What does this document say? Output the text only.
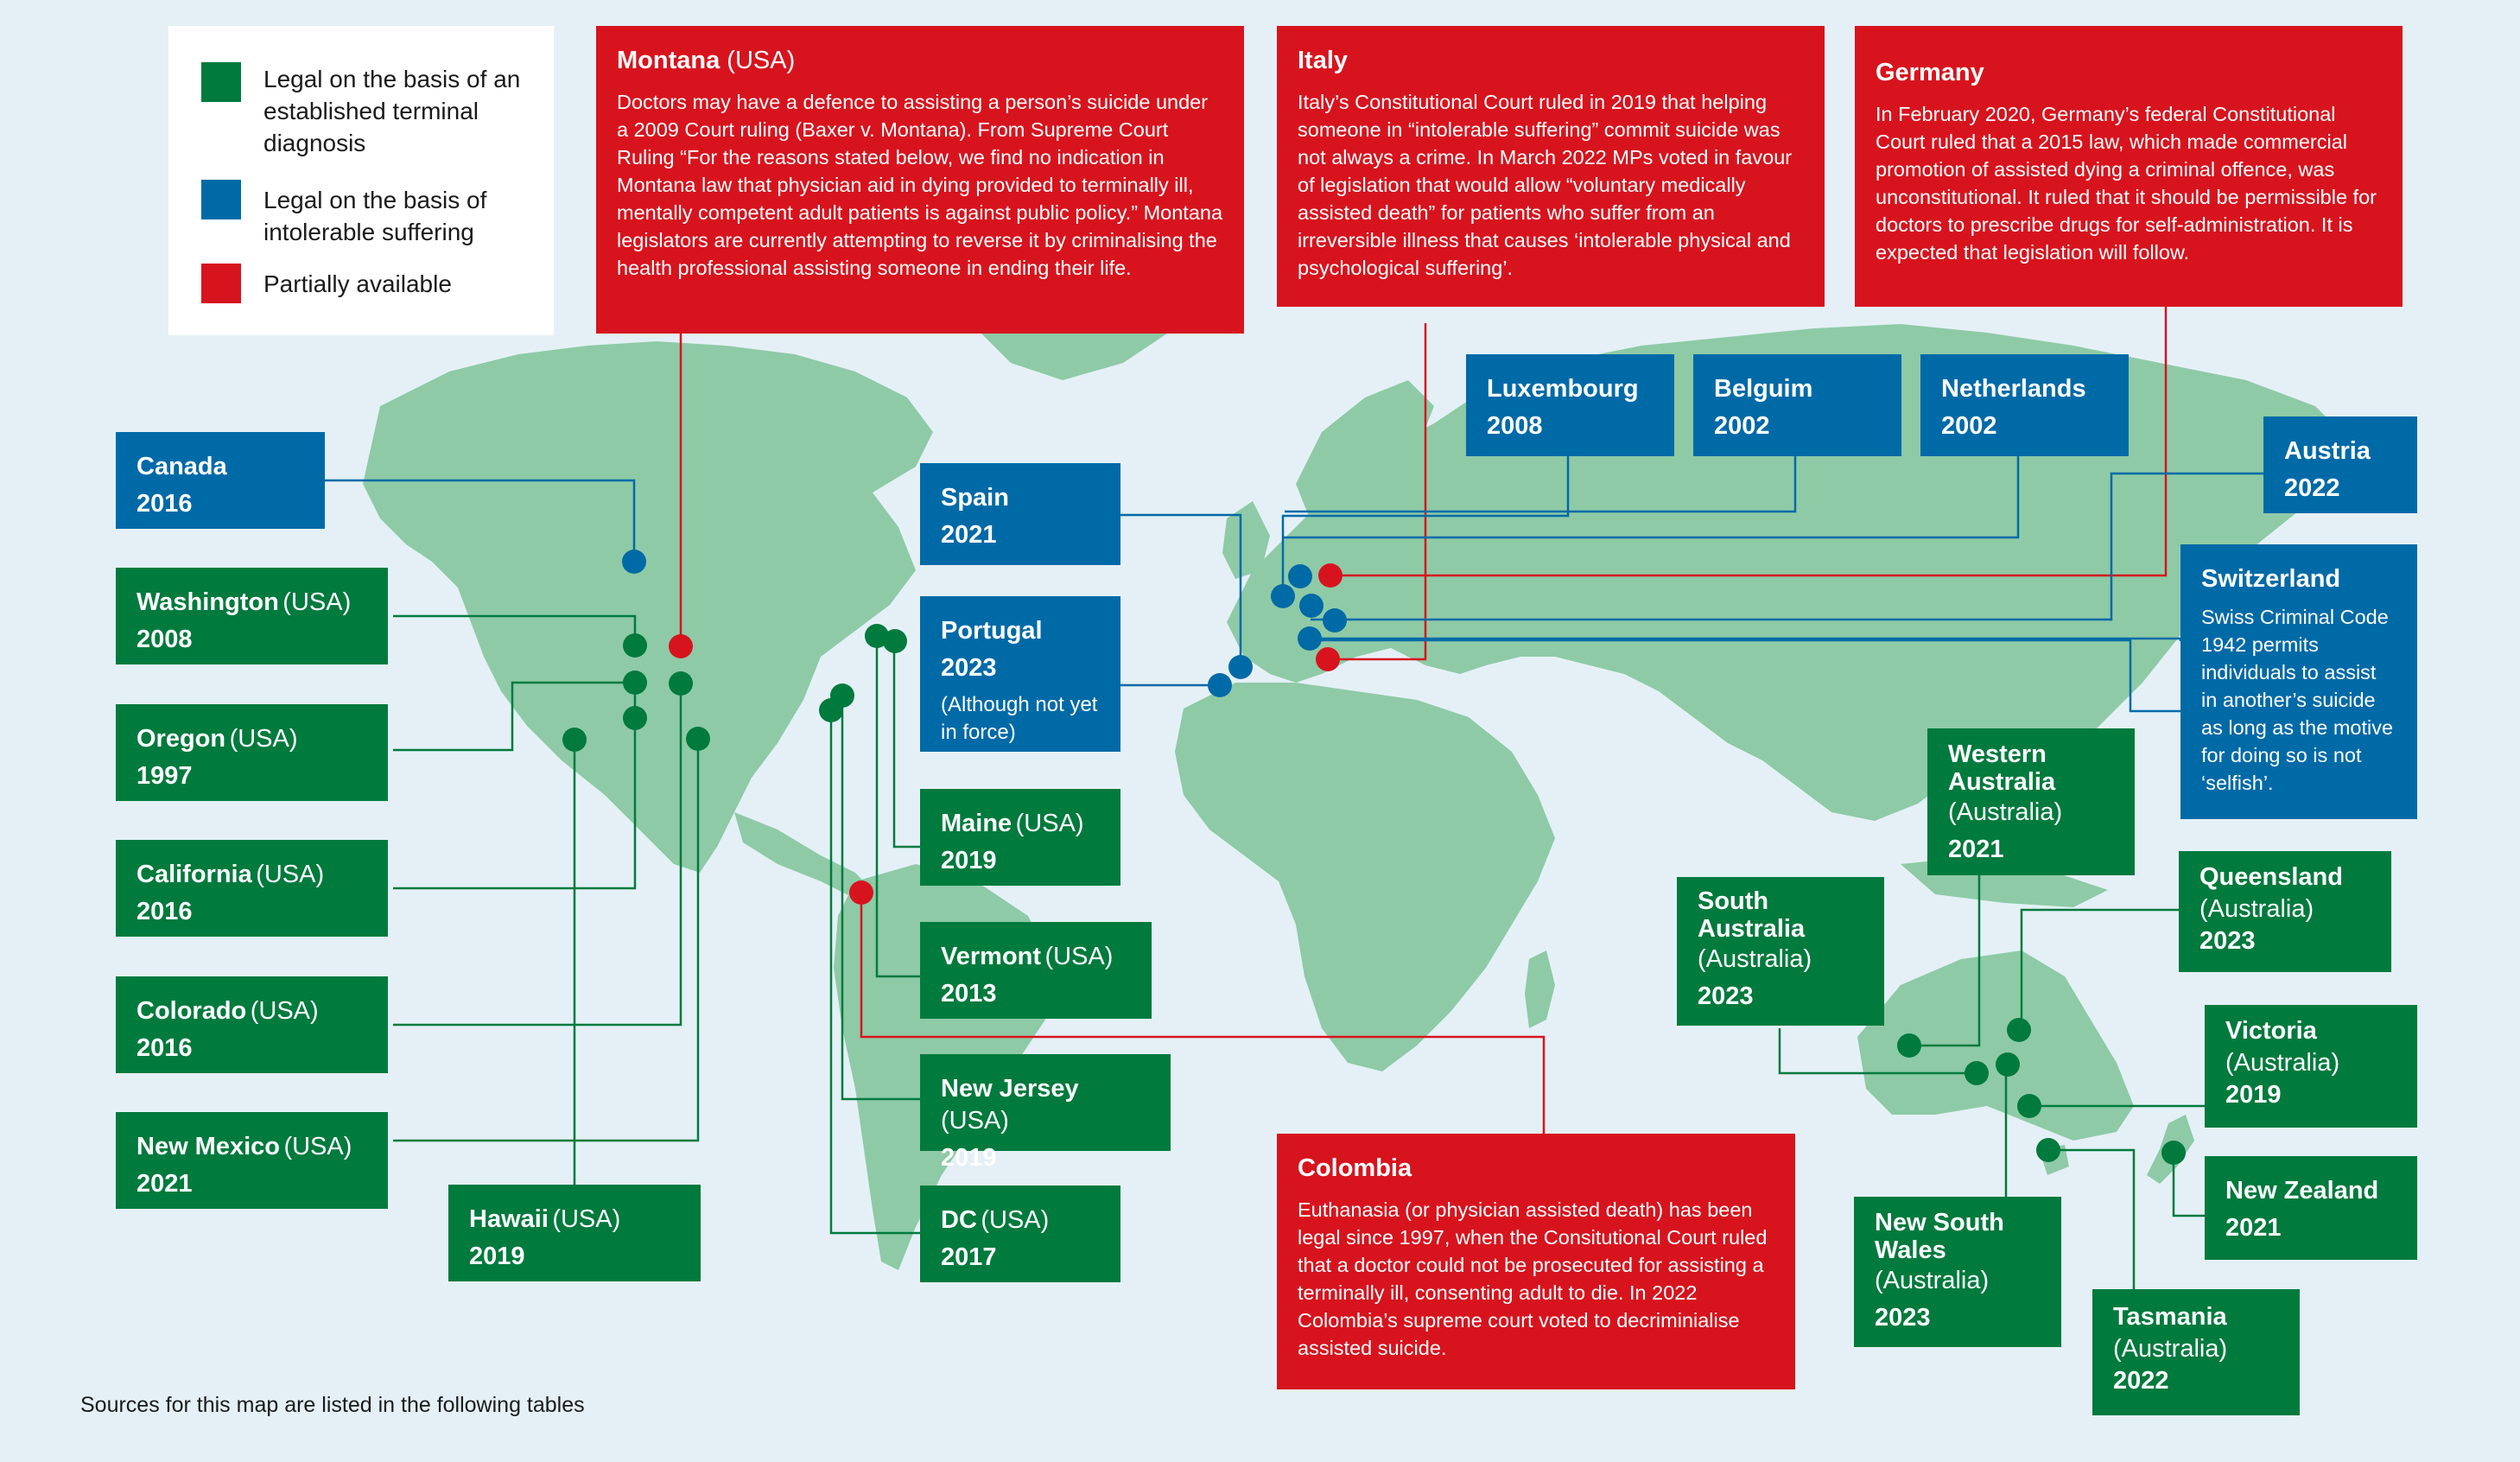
Legal on the basis of an established terminal diagnosis
Legal on the basis of intolerable suffering
Partially available
Montana (USA)
Doctors may have a defence to assisting a person’s suicide under a 2009 Court ruling (Baxer v. Montana). From Supreme Court Ruling “For the reasons stated below, we find no indication in Montana law that physician aid in dying provided to terminally ill, mentally competent adult patients is against public policy.” Montana legislators are currently attempting to reverse it by criminalising the health professional assisting someone in ending their life.
Italy
Italy’s Constitutional Court ruled in 2019 that helping someone in “intolerable suffering” commit suicide was not always a crime. In March 2022 MPs voted in favour of legislation that would allow “voluntary medically assisted death” for patients who suffer from an irreversible illness that causes ‘intolerable physical and psychological suffering’.
Germany
In February 2020, Germany’s federal Constitutional Court ruled that a 2015 law, which made commercial promotion of assisted dying a criminal offence, was unconstitutional. It ruled that it should be permissible for doctors to prescribe drugs for self-administration. It is expected that legislation will follow.
Colombia
Euthanasia (or physician assisted death) has been legal since 1997, when the Consitutional Court ruled that a doctor could not be prosecuted for assisting a terminally ill, consenting adult to die. In 2022 Colombia’s supreme court voted to decriminialise assisted suicide.
Canada
2016
Washington (USA)
2008
Oregon (USA)
1997
California (USA)
2016
Colorado (USA)
2016
New Mexico (USA)
2021
Hawaii (USA)
2019
Spain
2021
Portugal
2023
(Although not yet in force)
Maine (USA)
2019
Vermont (USA)
2013
New Jersey (USA)
2019
DC (USA)
2017
Luxembourg
2008
Belguim
2002
Netherlands
2002
Austria
2022
Switzerland
Swiss Criminal Code 1942 permits individuals to assist in another’s suicide as long as the motive for doing so is not ‘selfish’.
Western Australia
(Australia)
2021
South Australia
(Australia)
2023
Queensland
(Australia)
2023
Victoria
(Australia)
2019
New Zealand
2021
New South Wales
(Australia)
2023	Tasmania
(Australia)
2022
Sources for this map are listed in the following tables
